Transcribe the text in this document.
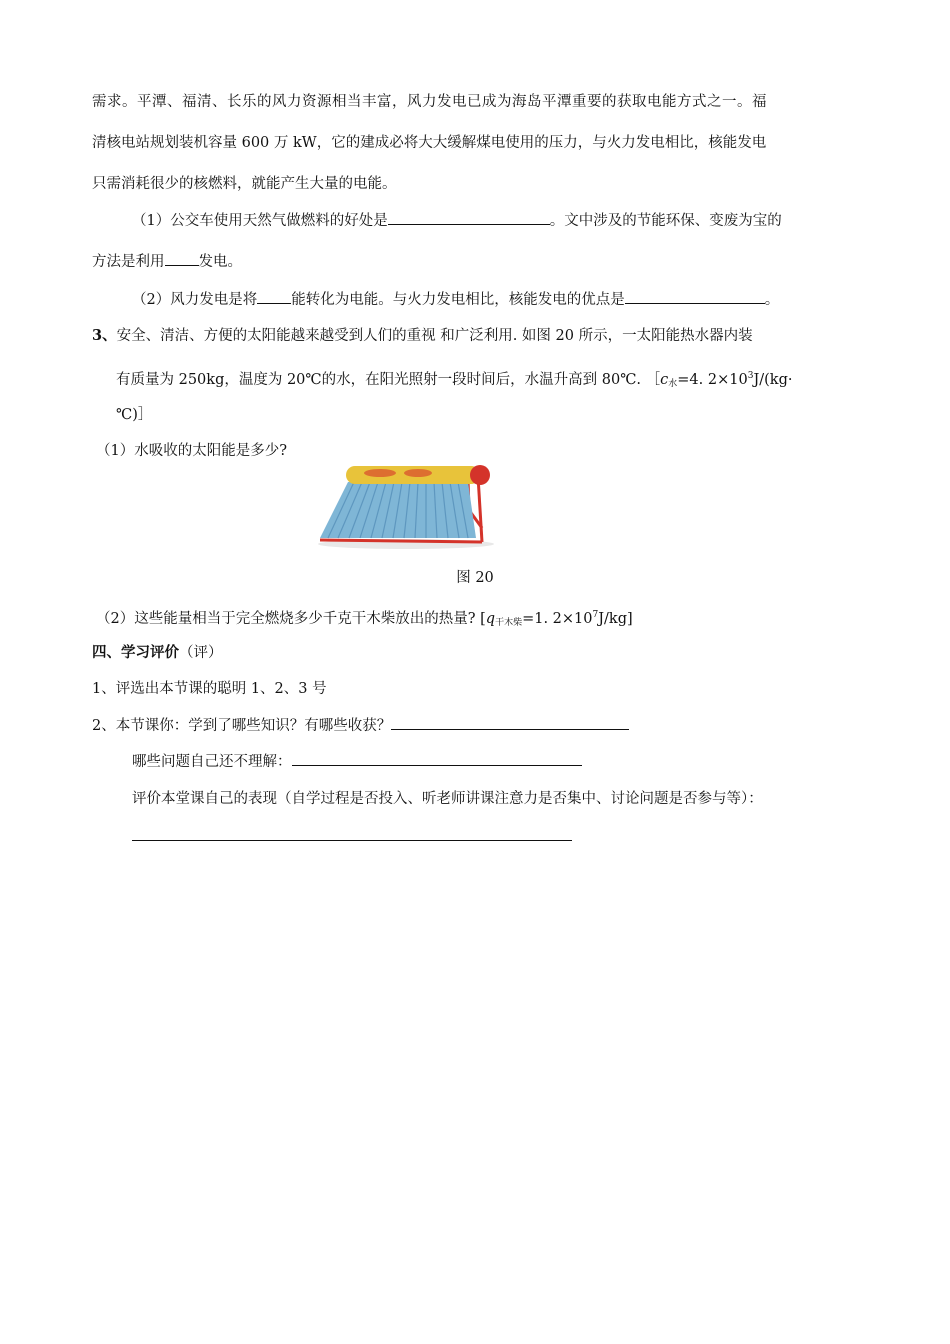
需求。平潭、福清、长乐的风力资源相当丰富，风力发电已成为海岛平潭重要的获取电能方式之一。福
清核电站规划装机容量 600 万 kW，它的建成必将大大缓解煤电使用的压力，与火力发电相比，核能发电
只需消耗很少的核燃料，就能产生大量的电能。
（1）公交车使用天然气做燃料的好处是	。文中涉及的节能环保、变废为宝的
方法是利用 发电。
（2）风力发电是将 能转化为电能。与火力发电相比，核能发电的优点是	。
3、安全、清洁、方便的太阳能越来越受到人们的重视 和广泛利用. 如图 20 所示，一太阳能热水器内装
有质量为 250kg，温度为 20℃的水，在阳光照射一段时间后，水温升高到 80℃. $[c_水=4$. $2\times 10^3J/(kg\cdot$
℃)］
（1）水吸收的太阳能是多少?
图 20
（2）这些能量相当于完全燃烧多少千克干木柴放出的热量? [$q_{干木柴}=1$. $2\times 10^7J/kg$]
四、学习评价（评）
1、评选出本节课的聪明 1、2、3 号
2、本节课你：学到了哪些知识？有哪些收获？
哪些问题自己还不理解：
评价本堂课自己的表现（自学过程是否投入、听老师讲课注意力是否集中、讨论问题是否参与等）：
